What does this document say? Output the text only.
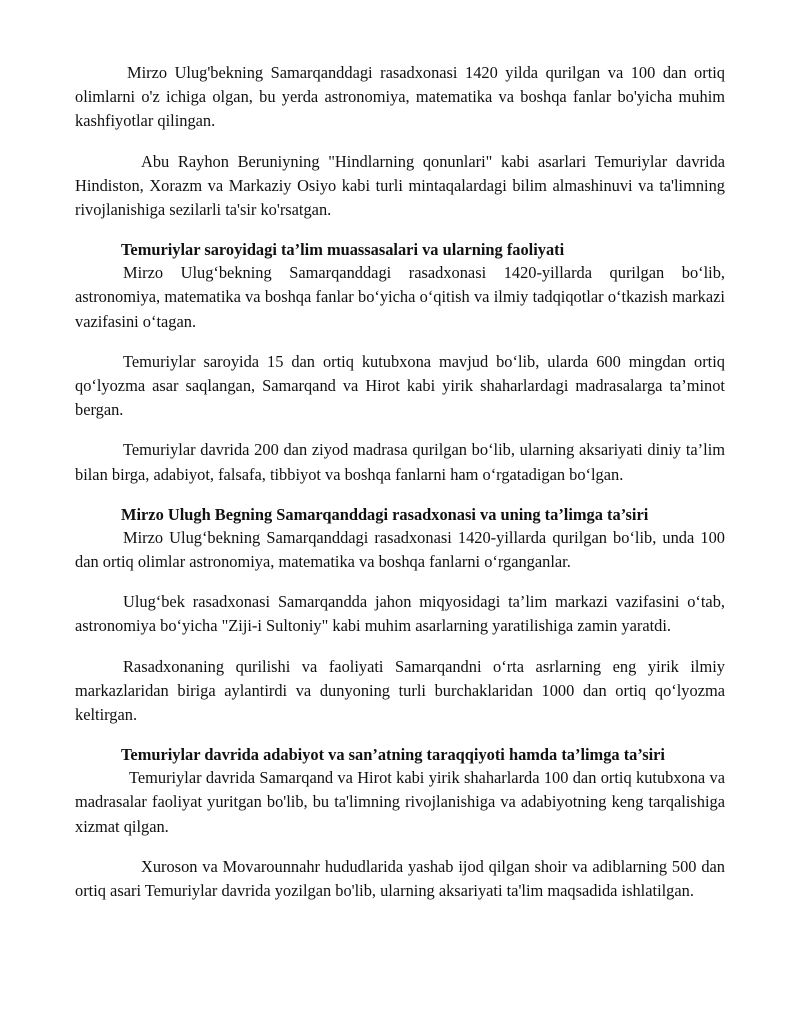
Mirzo Ulug'bekning Samarqanddagi rasadxonasi 1420 yilda qurilgan va 100 dan ortiq olimlarni o'z ichiga olgan, bu yerda astronomiya, matematika va boshqa fanlar bo'yicha muhim kashfiyotlar qilingan.

Abu Rayhon Beruniyning "Hindlarning qonunlari" kabi asarlari Temuriylar davrida Hindiston, Xorazm va Markaziy Osiyo kabi turli mintaqalardagi bilim almashinuvi va ta'limning rivojlanishiga sezilarli ta'sir ko'rsatgan.

Temuriylar saroyidagi ta’lim muassasalari va ularning faoliyati

Mirzo Ulug‘bekning Samarqanddagi rasadxonasi 1420-yillarda qurilgan bo‘lib, astronomiya, matematika va boshqa fanlar bo‘yicha o‘qitish va ilmiy tadqiqotlar o‘tkazish markazi vazifasini o‘tagan.

Temuriylar saroyida 15 dan ortiq kutubxona mavjud bo‘lib, ularda 600 mingdan ortiq qo‘lyozma asar saqlangan, Samarqand va Hirot kabi yirik shaharlardagi madrasalarga ta’minot bergan.

Temuriylar davrida 200 dan ziyod madrasa qurilgan bo‘lib, ularning aksariyati diniy ta’lim bilan birga, adabiyot, falsafa, tibbiyot va boshqa fanlarni ham o‘rgatadigan bo‘lgan.

Mirzo Ulugh Begning Samarqanddagi rasadxonasi va uning ta’limga ta’siri

Mirzo Ulug‘bekning Samarqanddagi rasadxonasi 1420-yillarda qurilgan bo‘lib, unda 100 dan ortiq olimlar astronomiya, matematika va boshqa fanlarni o‘rganganlar.

Ulug‘bek rasadxonasi Samarqandda jahon miqyosidagi ta’lim markazi vazifasini o‘tab, astronomiya bo‘yicha "Ziji-i Sultoniy" kabi muhim asarlarning yaratilishiga zamin yaratdi.

Rasadxonaning qurilishi va faoliyati Samarqandni o‘rta asrlarning eng yirik ilmiy markazlaridan biriga aylantirdi va dunyoning turli burchaklaridan 1000 dan ortiq qo‘lyozma keltirgan.

Temuriylar davrida adabiyot va san’atning taraqqiyoti hamda ta’limga ta’siri

Temuriylar davrida Samarqand va Hirot kabi yirik shaharlarda 100 dan ortiq kutubxona va madrasalar faoliyat yuritgan bo'lib, bu ta'limning rivojlanishiga va adabiyotning keng tarqalishiga xizmat qilgan.

Xuroson va Movarounnahr hududlarida yashab ijod qilgan shoir va adiblarning 500 dan ortiq asari Temuriylar davrida yozilgan bo'lib, ularning aksariyati ta'lim maqsadida ishlatilgan.
